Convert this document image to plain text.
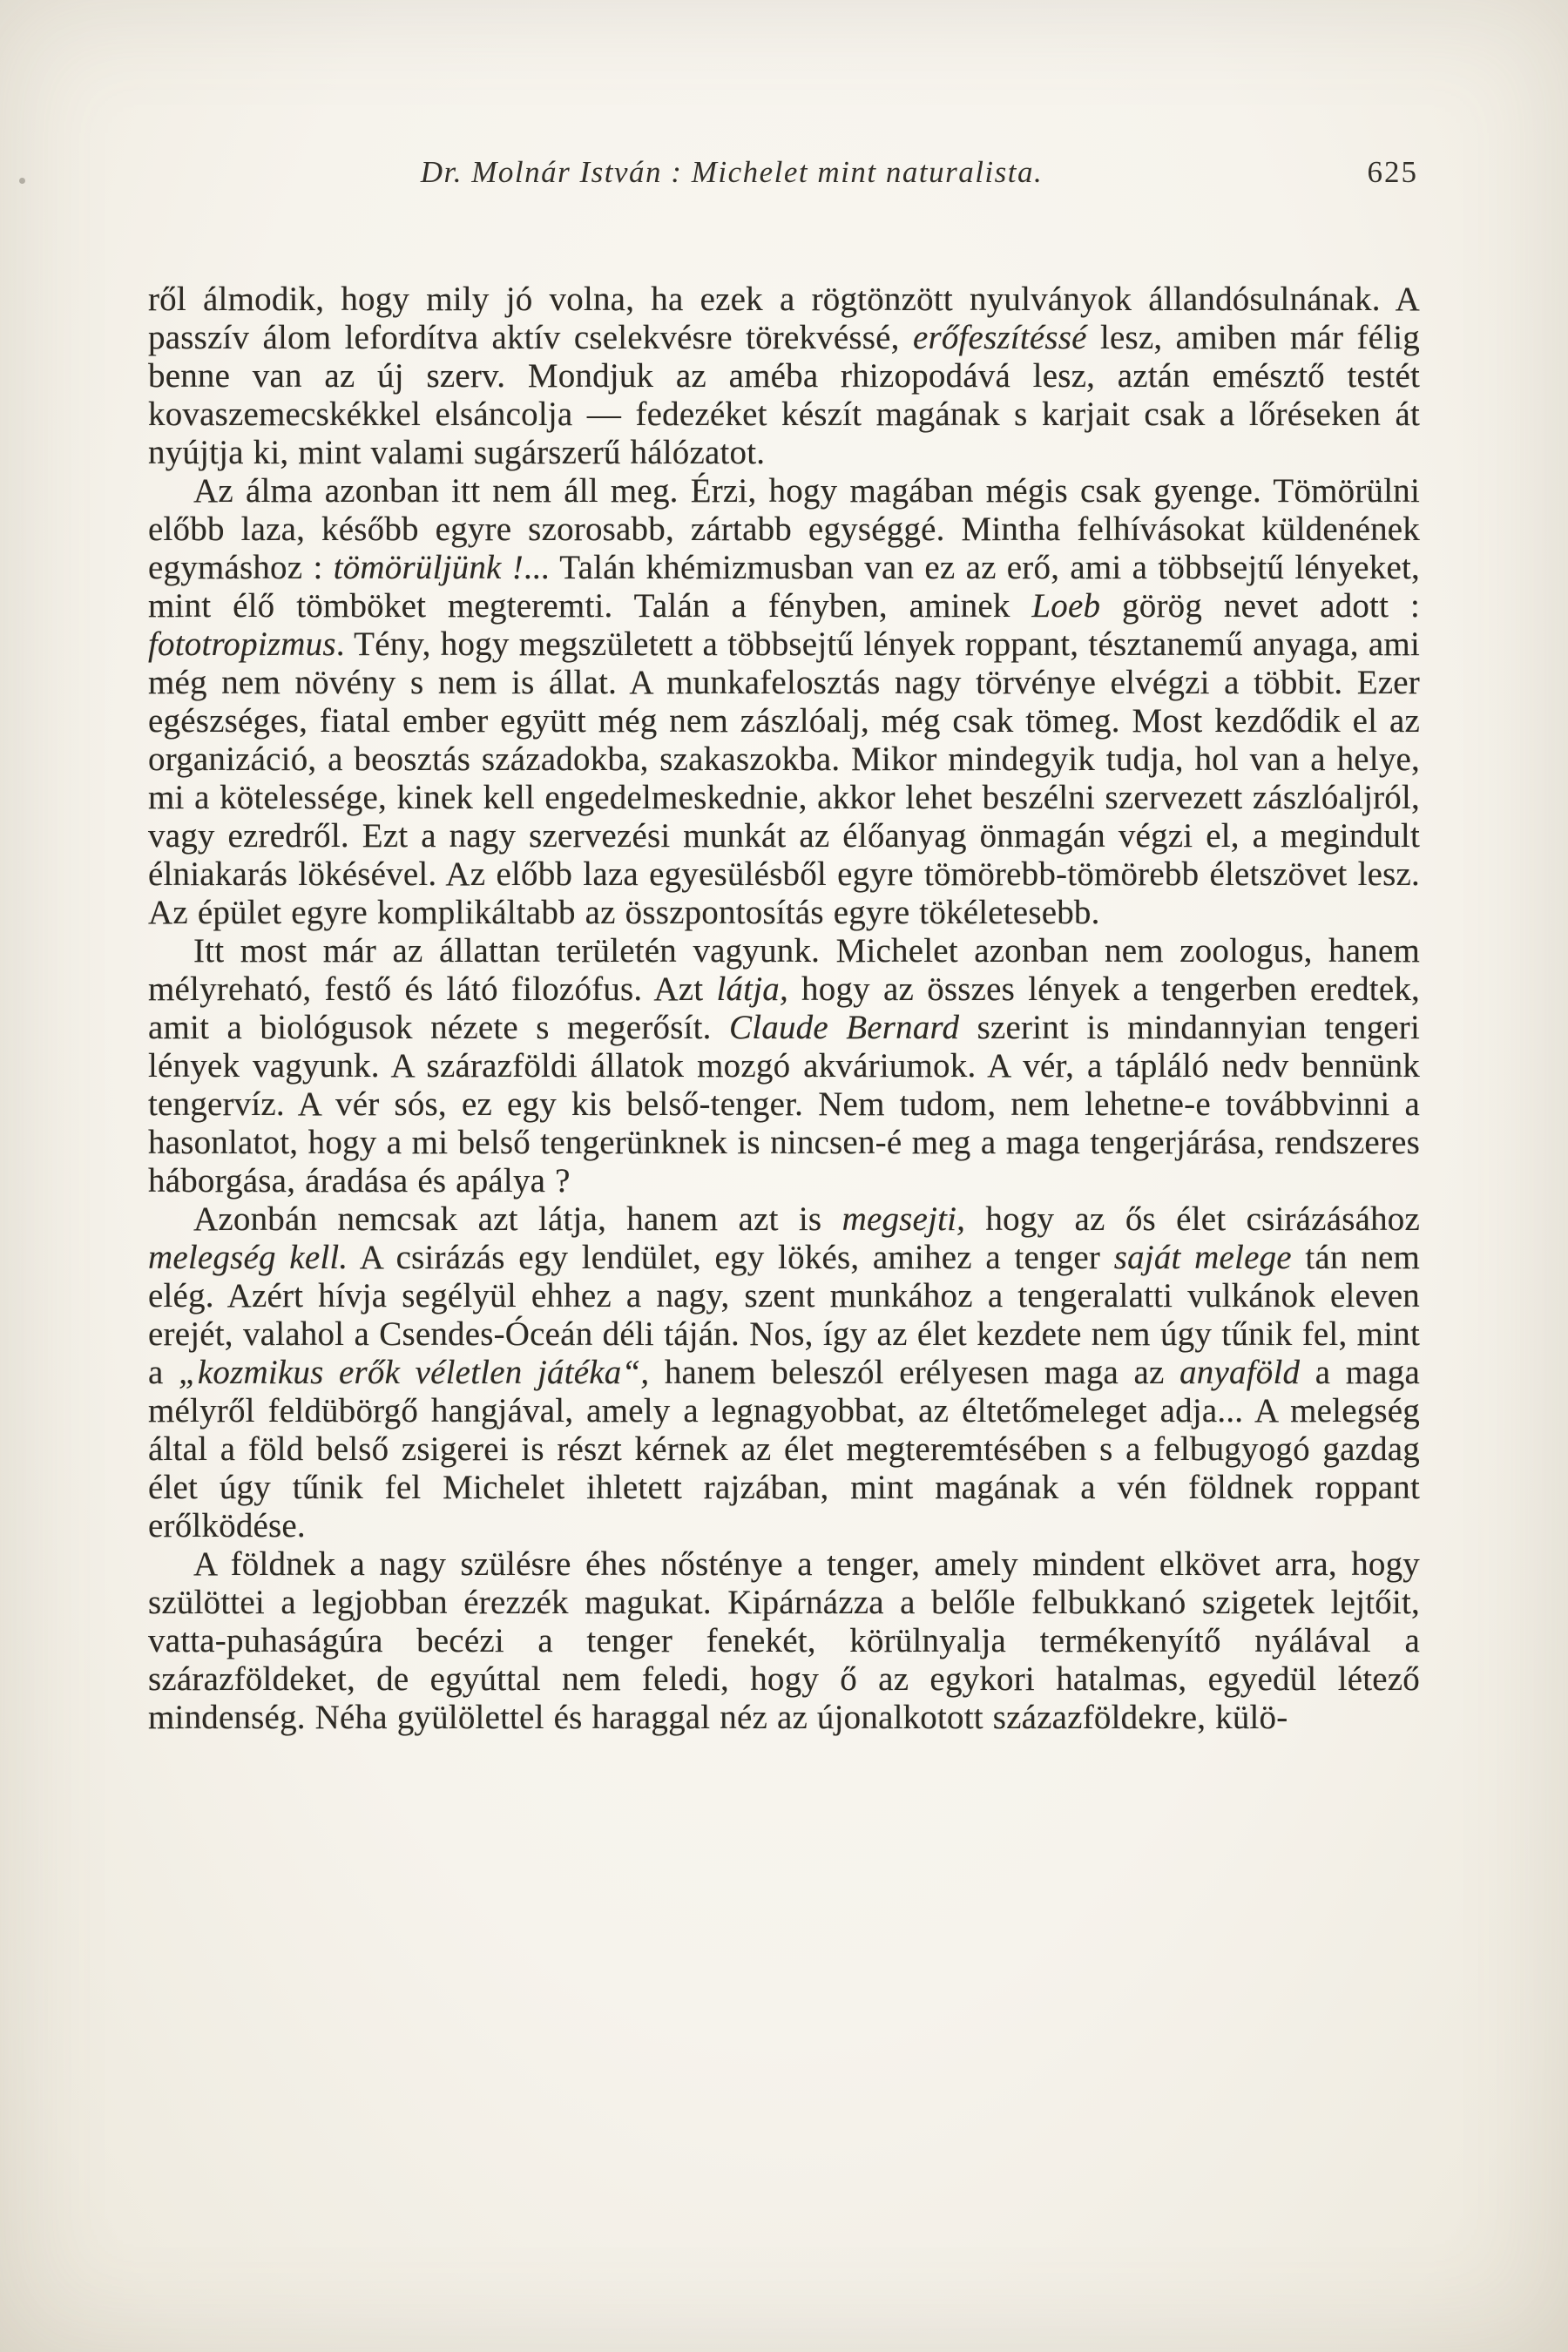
Dr. Molnár István : Michelet mint naturalista.	625

ről álmodik, hogy mily jó volna, ha ezek a rögtönzött nyulványok állandósulnának. A passzív álom lefordítva aktív cselekvésre törekvéssé, erőfeszítéssé lesz, amiben már félig benne van az új szerv. Mondjuk az améba rhizopodává lesz, aztán emésztő testét kovaszemecskékkel elsáncolja — fedezéket készít magának s karjait csak a lőréseken át nyújtja ki, mint valami sugárszerű hálózatot.

Az álma azonban itt nem áll meg. Érzi, hogy magában mégis csak gyenge. Tömörülni előbb laza, később egyre szorosabb, zártabb egységgé. Mintha felhívásokat küldenének egymáshoz : tömörüljünk !... Talán khémizmusban van ez az erő, ami a többsejtű lényeket, mint élő tömböket megteremti. Talán a fényben, aminek Loeb görög nevet adott : fototropizmus. Tény, hogy megszületett a többsejtű lények roppant, tésztanemű anyaga, ami még nem növény s nem is állat. A munkafelosztás nagy törvénye elvégzi a többit. Ezer egészséges, fiatal ember együtt még nem zászlóalj, még csak tömeg. Most kezdődik el az organizáció, a beosztás századokba, szakaszokba. Mikor mindegyik tudja, hol van a helye, mi a kötelessége, kinek kell engedelmeskednie, akkor lehet beszélni szervezett zászlóaljról, vagy ezredről. Ezt a nagy szervezési munkát az élőanyag önmagán végzi el, a megindult élniakarás lökésével. Az előbb laza egyesülésből egyre tömörebb-tömörebb életszövet lesz. Az épület egyre komplikáltabb az összpontosítás egyre tökéletesebb.

Itt most már az állattan területén vagyunk. Michelet azonban nem zoologus, hanem mélyreható, festő és látó filozófus. Azt látja, hogy az összes lények a tengerben eredtek, amit a biológusok nézete s megerősít. Claude Bernard szerint is mindannyian tengeri lények vagyunk. A szárazföldi állatok mozgó akváriumok. A vér, a tápláló nedv bennünk tengervíz. A vér sós, ez egy kis belső-tenger. Nem tudom, nem lehetne-e továbbvinni a hasonlatot, hogy a mi belső tengerünknek is nincsen-é meg a maga tengerjárása, rendszeres háborgása, áradása és apálya ?

Azonbán nemcsak azt látja, hanem azt is megsejti, hogy az ős élet csirázásához melegség kell. A csirázás egy lendület, egy lökés, amihez a tenger saját melege tán nem elég. Azért hívja segélyül ehhez a nagy, szent munkához a tengeralatti vulkánok eleven erejét, valahol a Csendes-Óceán déli táján. Nos, így az élet kezdete nem úgy tűnik fel, mint a „kozmikus erők véletlen játéka“, hanem beleszól erélyesen maga az anyaföld a maga mélyről feldübörgő hangjával, amely a legnagyobbat, az éltetőmeleget adja... A melegség által a föld belső zsigerei is részt kérnek az élet megteremtésében s a felbugyogó gazdag élet úgy tűnik fel Michelet ihletett rajzában, mint magának a vén földnek roppant erőlködése.

A földnek a nagy szülésre éhes nősténye a tenger, amely mindent elkövet arra, hogy szülöttei a legjobban érezzék magukat. Kipárnázza a belőle felbukkanó szigetek lejtőit, vatta-puhaságúra becézi a tenger fenekét, körülnyalja termékenyítő nyálával a szárazföldeket, de egyúttal nem feledi, hogy ő az egykori hatalmas, egyedül létező mindenség. Néha gyülölettel és haraggal néz az újonalkotott százazföldekre, külö-
